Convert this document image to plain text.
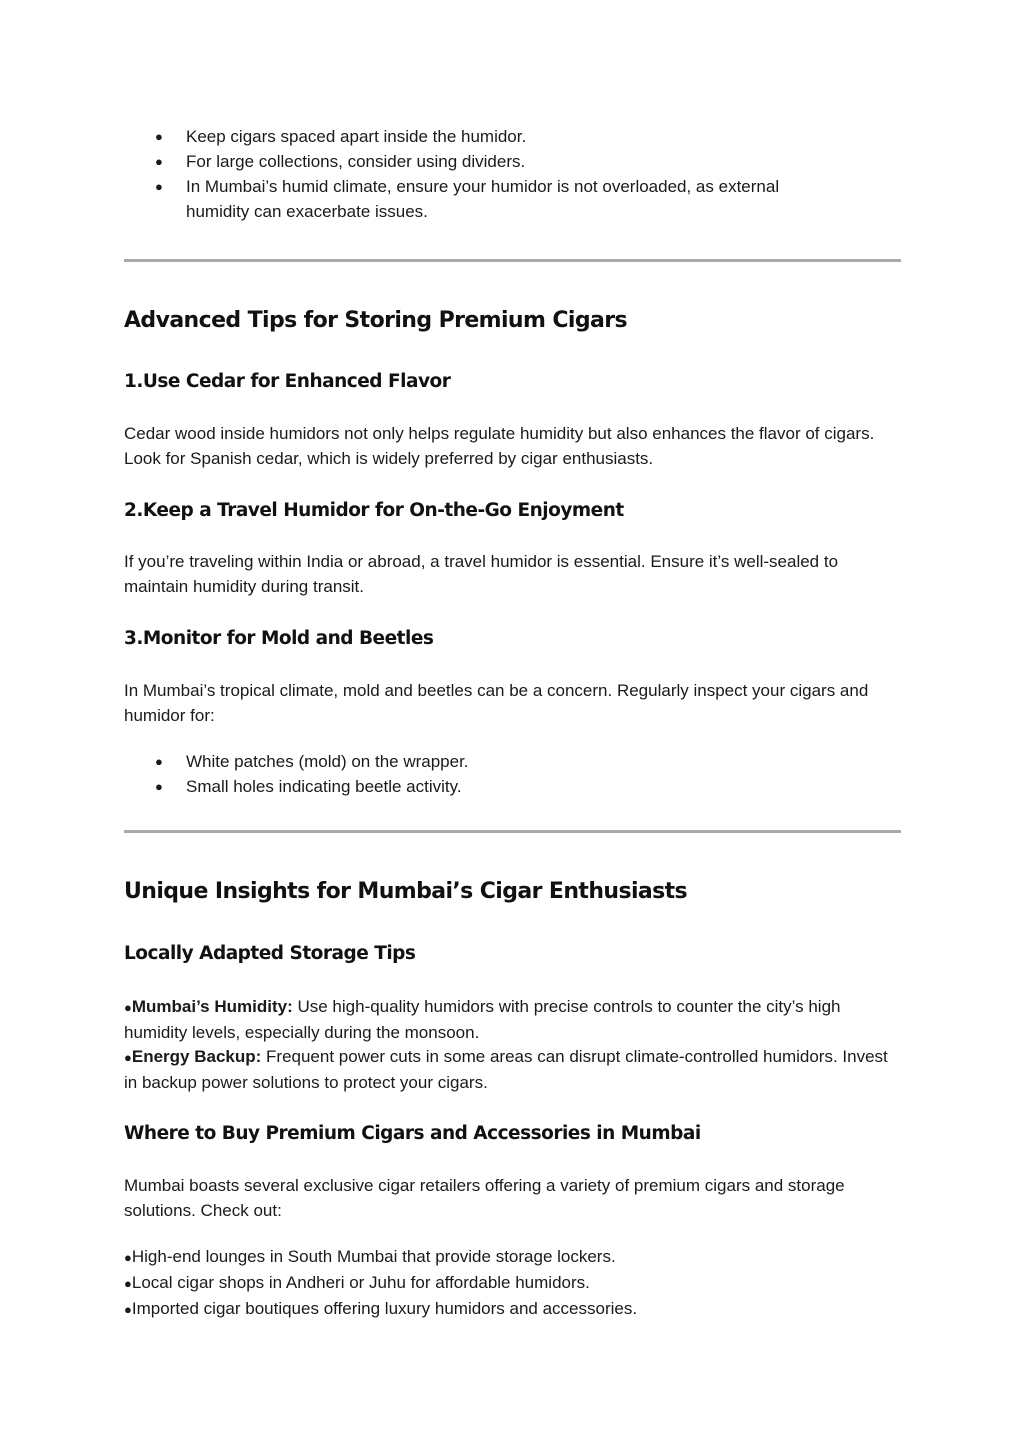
● Keep cigars spaced apart inside the humidor.
● For large collections, consider using dividers.
● In Mumbai’s humid climate, ensure your humidor is not overloaded, as external humidity can exacerbate issues.
Advanced Tips for Storing Premium Cigars
1.Use Cedar for Enhanced Flavor

Cedar wood inside humidors not only helps regulate humidity but also enhances the flavor of cigars. Look for Spanish cedar, which is widely preferred by cigar enthusiasts.

2.Keep a Travel Humidor for On-the-Go Enjoyment

If you’re traveling within India or abroad, a travel humidor is essential. Ensure it’s well-sealed to maintain humidity during transit.

3.Monitor for Mold and Beetles

In Mumbai’s tropical climate, mold and beetles can be a concern. Regularly inspect your cigars and humidor for:

● White patches (mold) on the wrapper.
● Small holes indicating beetle activity.
Unique Insights for Mumbai’s Cigar Enthusiasts
Locally Adapted Storage Tips

●Mumbai’s Humidity: Use high-quality humidors with precise controls to counter the city’s high humidity levels, especially during the monsoon.

●Energy Backup: Frequent power cuts in some areas can disrupt climate-controlled humidors. Invest in backup power solutions to protect your cigars.

Where to Buy Premium Cigars and Accessories in Mumbai

Mumbai boasts several exclusive cigar retailers offering a variety of premium cigars and storage solutions. Check out:

●High-end lounges in South Mumbai that provide storage lockers.
●Local cigar shops in Andheri or Juhu for affordable humidors.
●Imported cigar boutiques offering luxury humidors and accessories.
